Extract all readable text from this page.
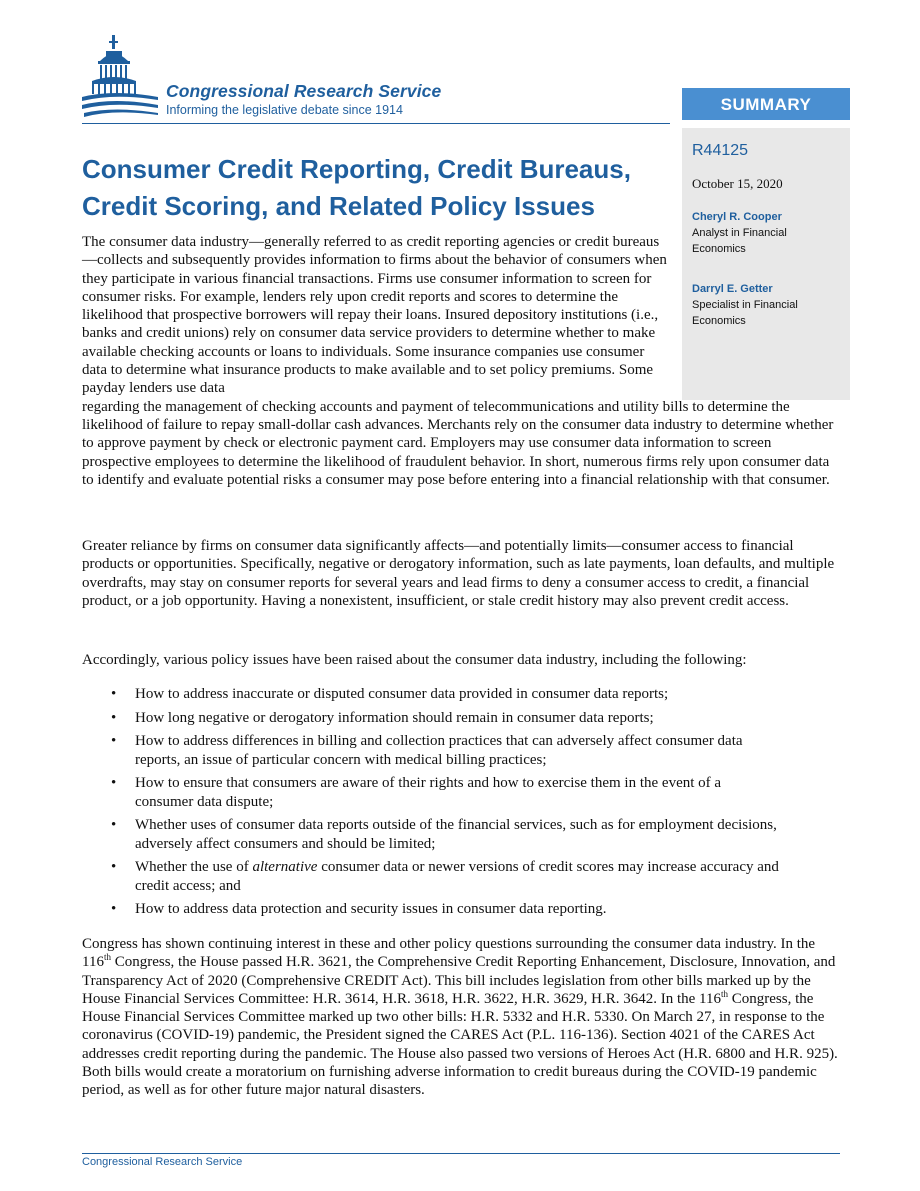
Congressional Research Service
Informing the legislative debate since 1914	SUMMARY
R44125
October 15, 2020
Cheryl R. Cooper
Analyst in Financial Economics
Darryl E. Getter
Specialist in Financial Economics
Consumer Credit Reporting, Credit Bureaus, Credit Scoring, and Related Policy Issues
The consumer data industry—generally referred to as credit reporting agencies or credit bureaus—collects and subsequently provides information to firms about the behavior of consumers when they participate in various financial transactions. Firms use consumer information to screen for consumer risks. For example, lenders rely upon credit reports and scores to determine the likelihood that prospective borrowers will repay their loans. Insured depository institutions (i.e., banks and credit unions) rely on consumer data service providers to determine whether to make available checking accounts or loans to individuals. Some insurance companies use consumer data to determine what insurance products to make available and to set policy premiums. Some payday lenders use data
regarding the management of checking accounts and payment of telecommunications and utility bills to determine the likelihood of failure to repay small-dollar cash advances. Merchants rely on the consumer data industry to determine whether to approve payment by check or electronic payment card. Employers may use consumer data information to screen prospective employees to determine the likelihood of fraudulent behavior. In short, numerous firms rely upon consumer data to identify and evaluate potential risks a consumer may pose before entering into a financial relationship with that consumer.
Greater reliance by firms on consumer data significantly affects—and potentially limits—consumer access to financial products or opportunities. Specifically, negative or derogatory information, such as late payments, loan defaults, and multiple overdrafts, may stay on consumer reports for several years and lead firms to deny a consumer access to credit, a financial product, or a job opportunity. Having a nonexistent, insufficient, or stale credit history may also prevent credit access.
Accordingly, various policy issues have been raised about the consumer data industry, including the following:
• How to address inaccurate or disputed consumer data provided in consumer data reports;
• How long negative or derogatory information should remain in consumer data reports;
• How to address differences in billing and collection practices that can adversely affect consumer data reports, an issue of particular concern with medical billing practices;
• How to ensure that consumers are aware of their rights and how to exercise them in the event of a consumer data dispute;
• Whether uses of consumer data reports outside of the financial services, such as for employment decisions, adversely affect consumers and should be limited;
• Whether the use of alternative consumer data or newer versions of credit scores may increase accuracy and credit access; and
• How to address data protection and security issues in consumer data reporting.
Congress has shown continuing interest in these and other policy questions surrounding the consumer data industry. In the 116th Congress, the House passed H.R. 3621, the Comprehensive Credit Reporting Enhancement, Disclosure, Innovation, and Transparency Act of 2020 (Comprehensive CREDIT Act). This bill includes legislation from other bills marked up by the House Financial Services Committee: H.R. 3614, H.R. 3618, H.R. 3622, H.R. 3629, H.R. 3642. In the 116th Congress, the House Financial Services Committee marked up two other bills: H.R. 5332 and H.R. 5330. On March 27, in response to the coronavirus (COVID-19) pandemic, the President signed the CARES Act (P.L. 116-136). Section 4021 of the CARES Act addresses credit reporting during the pandemic. The House also passed two versions of Heroes Act (H.R. 6800 and H.R. 925). Both bills would create a moratorium on furnishing adverse information to credit bureaus during the COVID-19 pandemic period, as well as for other future major natural disasters.
Congressional Research Service
